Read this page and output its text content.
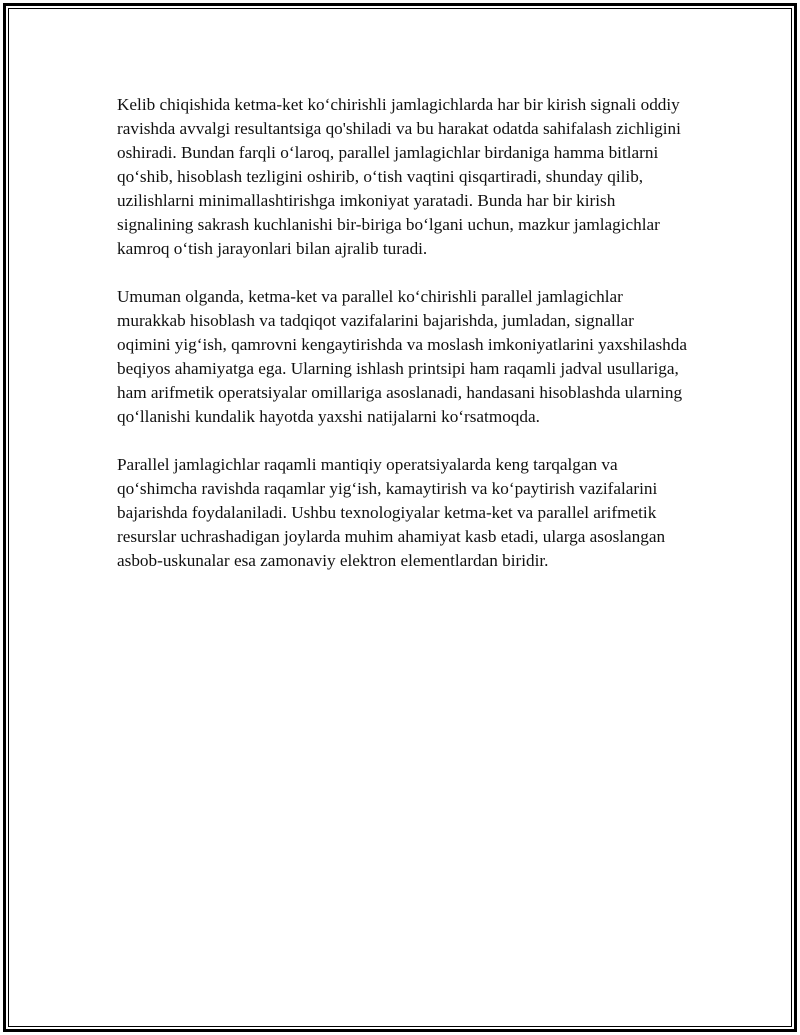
Kelib chiqishida ketma-ket ko‘chirishli jamlagichlarda har bir kirish signali oddiy ravishda avvalgi resultantsiga qo'shiladi va bu harakat odatda sahifalash zichligini oshiradi. Bundan farqli o‘laroq, parallel jamlagichlar birdaniga hamma bitlarni qo‘shib, hisoblash tezligini oshirib, o‘tish vaqtini qisqartiradi, shunday qilib, uzilishlarni minimallashtirishga imkoniyat yaratadi. Bunda har bir kirish signalining sakrash kuchlanishi bir-biriga bo‘lgani uchun, mazkur jamlagichlar kamroq o‘tish jarayonlari bilan ajralib turadi.

Umuman olganda, ketma-ket va parallel ko‘chirishli parallel jamlagichlar murakkab hisoblash va tadqiqot vazifalarini bajarishda, jumladan, signallar oqimini yig‘ish, qamrovni kengaytirishda va moslash imkoniyatlarini yaxshilashda beqiyos ahamiyatga ega. Ularning ishlash printsipi ham raqamli jadval usullariga, ham arifmetik operatsiyalar omillariga asoslanadi, handasani hisoblashda ularning qo‘llanishi kundalik hayotda yaxshi natijalarni ko‘rsatmoqda.

Parallel jamlagichlar raqamli mantiqiy operatsiyalarda keng tarqalgan va qo‘shimcha ravishda raqamlar yig‘ish, kamaytirish va ko‘paytirish vazifalarini bajarishda foydalaniladi. Ushbu texnologiyalar ketma-ket va parallel arifmetik resurslar uchrashadigan joylarda muhim ahamiyat kasb etadi, ularga asoslangan asbob-uskunalar esa zamonaviy elektron elementlardan biridir.
